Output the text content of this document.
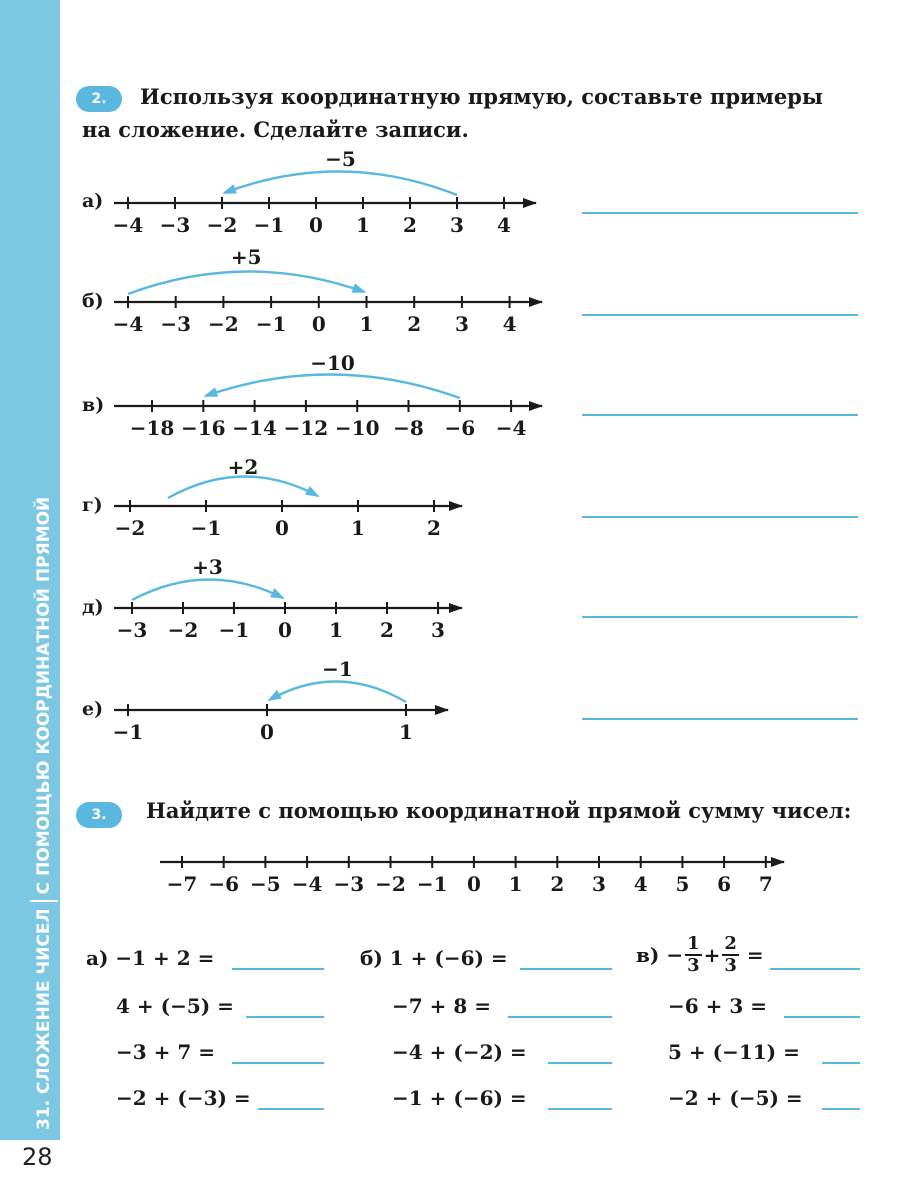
31. СЛОЖЕНИЕ ЧИСЕЛ
С ПОМОЩЬЮ КООРДИНАТНОЙ ПРЯМОЙ
28
2.	Используя координатную прямую, составьте примеры
на сложение. Сделайте записи.
а)
б)
в)
г)
д)
е)
−4 −3 −2 −1 0 1 2 3 4
−5
−4 −3 −2 −1 0 1 2 3 4
+5
−18 −16 −14 −12 −10 −8 −6 −4
−10
−2 −1	0	1	2
+2
−3 −2 −1 0 1 2 3
+3
−1	0	1
−1
−7 −6 −5 −4 −3 −2 −1 0 1 2 3 4 5 6 7
3.	Найдите с помощью координатной прямой сумму чисел:
а) −1 + 2 =
4 + (−5) =
−3 + 7 =
−2 + (−3) =
б) 1 + (−6) =
−7 + 8 =
−4 + (−2) =
−1 + (−6) =
$в) - \frac{1}{3} + \frac{2}{3}$ =
−6 + 3 =
5 + (−11) =
−2 + (−5) =
